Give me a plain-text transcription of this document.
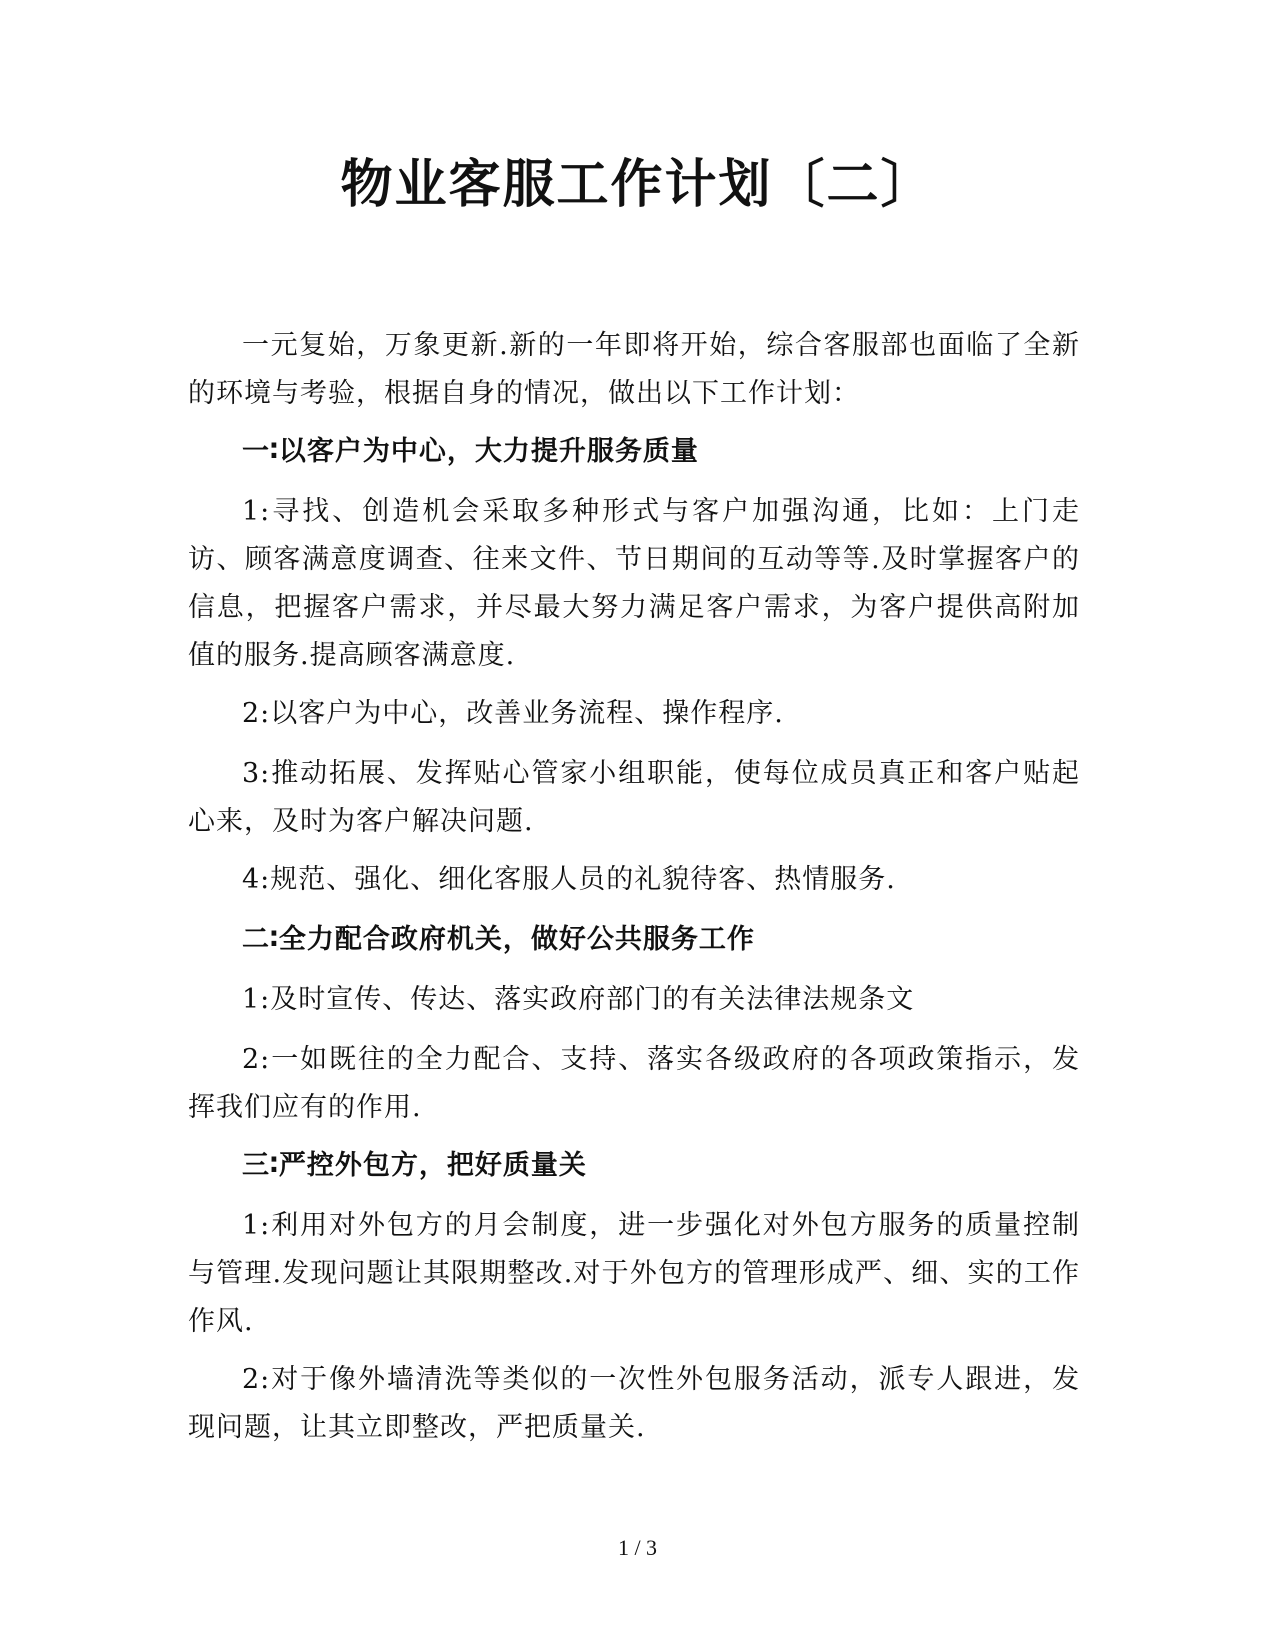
物业客服工作计划〔二〕

一元复始，万象更新.新的一年即将开始，综合客服部也面临了全新的环境与考验，根据自身的情况，做出以下工作计划：

一∶以客户为中心，大力提升服务质量

1:寻找、创造机会采取多种形式与客户加强沟通，比如：上门走访、顾客满意度调查、往来文件、节日期间的互动等等.及时掌握客户的信息，把握客户需求，并尽最大努力满足客户需求，为客户提供高附加值的服务.提高顾客满意度.

2:以客户为中心，改善业务流程、操作程序.

3:推动拓展、发挥贴心管家小组职能，使每位成员真正和客户贴起心来，及时为客户解决问题.

4:规范、强化、细化客服人员的礼貌待客、热情服务.

二∶全力配合政府机关，做好公共服务工作

1:及时宣传、传达、落实政府部门的有关法律法规条文

2:一如既往的全力配合、支持、落实各级政府的各项政策指示，发挥我们应有的作用.

三∶严控外包方，把好质量关

1:利用对外包方的月会制度，进一步强化对外包方服务的质量控制与管理.发现问题让其限期整改.对于外包方的管理形成严、细、实的工作作风.

2:对于像外墙清洗等类似的一次性外包服务活动，派专人跟进，发现问题，让其立即整改，严把质量关.

1 / 3
